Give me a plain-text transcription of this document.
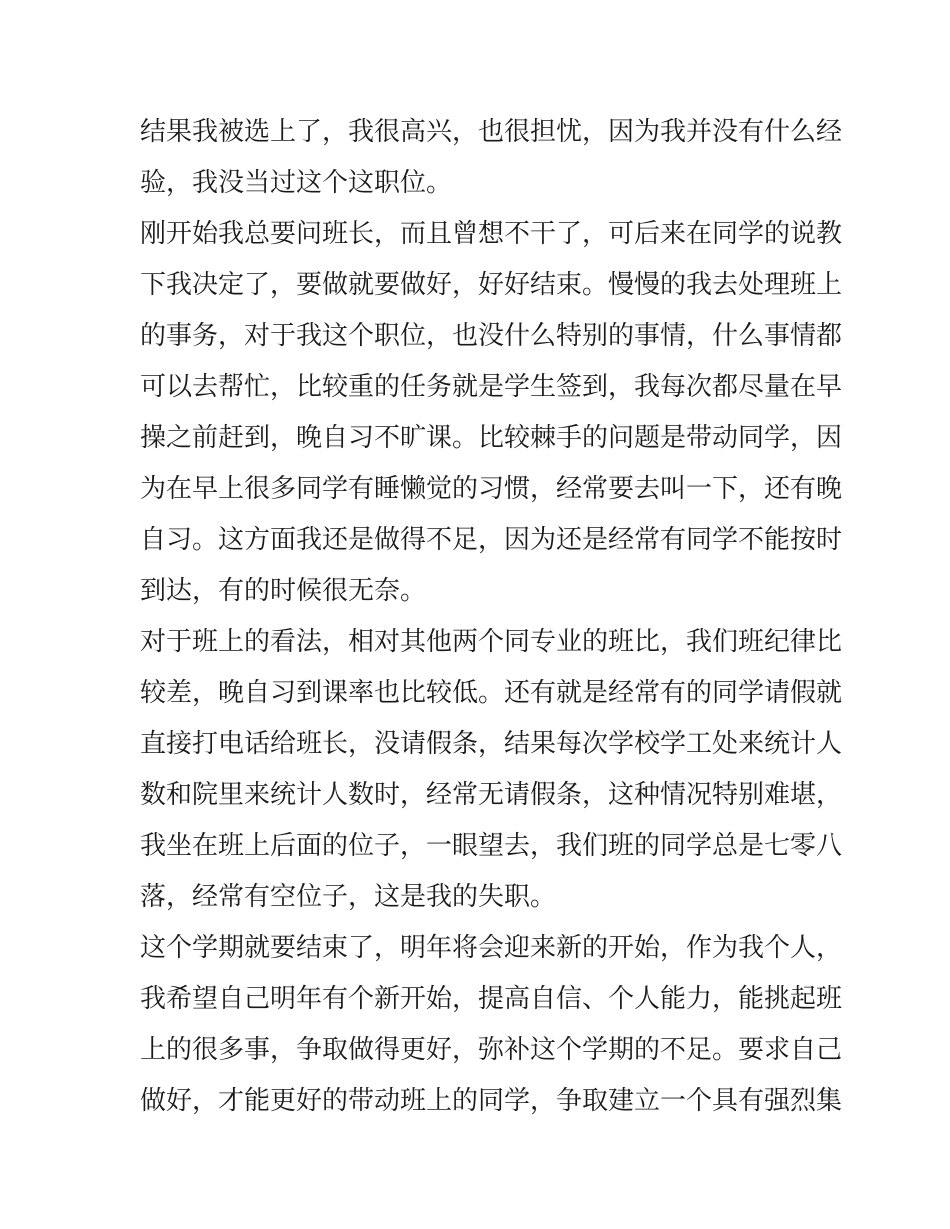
结果我被选上了，我很高兴，也很担忧，因为我并没有什么经
验，我没当过这个这职位。
刚开始我总要问班长，而且曾想不干了，可后来在同学的说教
下我决定了，要做就要做好，好好结束。慢慢的我去处理班上
的事务，对于我这个职位，也没什么特别的事情，什么事情都
可以去帮忙，比较重的任务就是学生签到，我每次都尽量在早
操之前赶到，晚自习不旷课。比较棘手的问题是带动同学，因
为在早上很多同学有睡懒觉的习惯，经常要去叫一下，还有晚
自习。这方面我还是做得不足，因为还是经常有同学不能按时
到达，有的时候很无奈。
对于班上的看法，相对其他两个同专业的班比，我们班纪律比
较差，晚自习到课率也比较低。还有就是经常有的同学请假就
直接打电话给班长，没请假条，结果每次学校学工处来统计人
数和院里来统计人数时，经常无请假条，这种情况特别难堪，
我坐在班上后面的位子，一眼望去，我们班的同学总是七零八
落，经常有空位子，这是我的失职。
这个学期就要结束了，明年将会迎来新的开始，作为我个人，
我希望自己明年有个新开始，提高自信、个人能力，能挑起班
上的很多事，争取做得更好，弥补这个学期的不足。要求自己
做好，才能更好的带动班上的同学，争取建立一个具有强烈集
